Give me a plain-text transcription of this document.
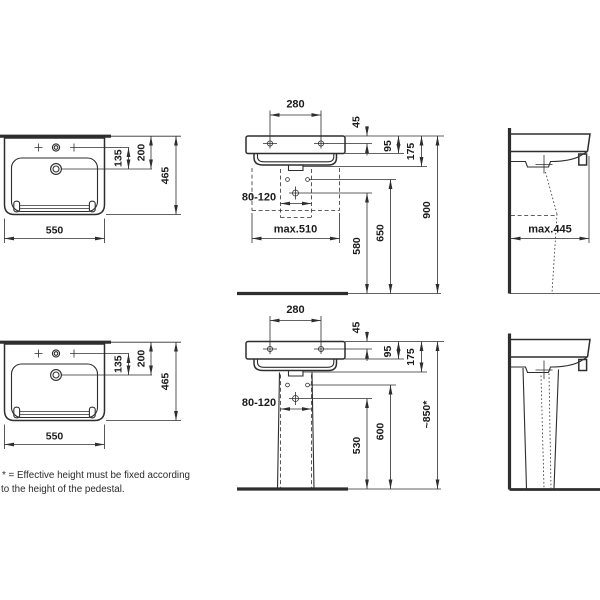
550
135 200
465
280
45
95 175
80-120
max.510
580
650
900
max.445
550
135 200
465
280
45
95 175
80-120
530
600
~850*
* = Effective height must be fixed according
to the height of the pedestal.
